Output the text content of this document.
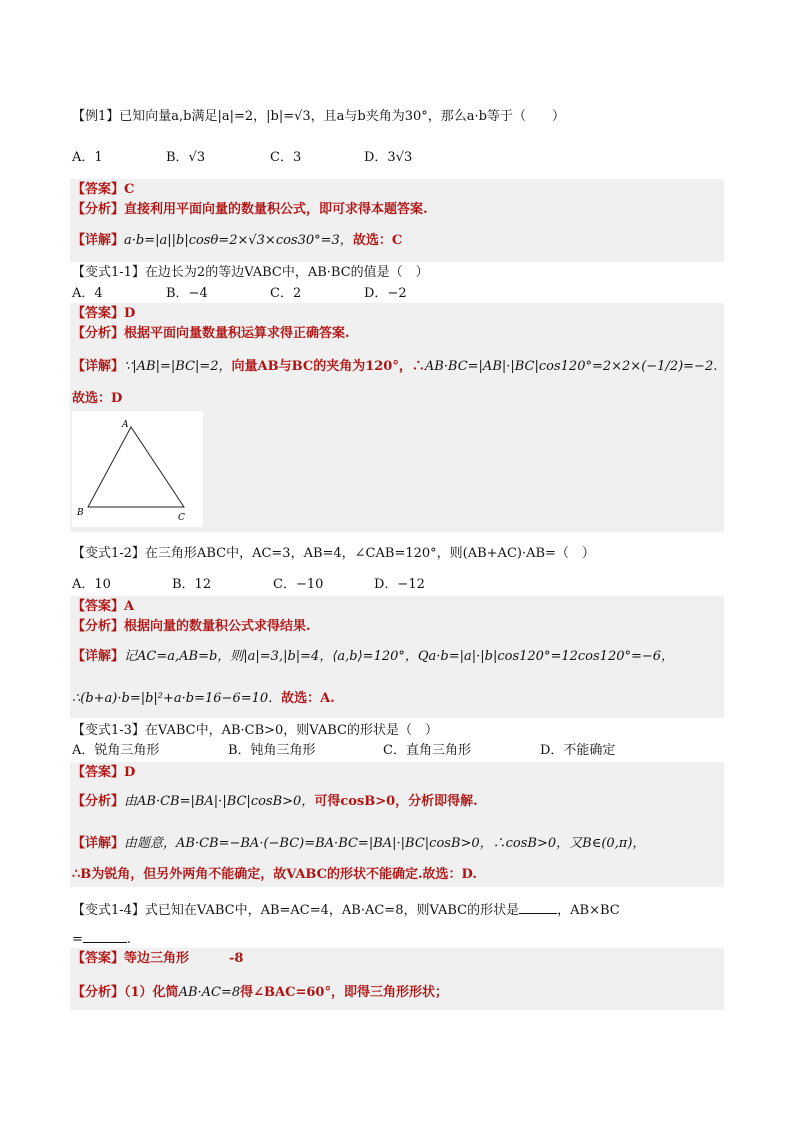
【例1】已知向量a,b满足|a|=2，|b|=√3，且a与b夹角为30°，那么a·b等于（　　）
A．1	B．√3	C．3	D．3√3
【答案】C
【分析】直接利用平面向量的数量积公式，即可求得本题答案.
【详解】a·b=|a||b|cosθ=2×√3×cos30°=3，故选：C
【变式1-1】在边长为2的等边VABC中，AB·BC的值是（　）
A．4	B．−4	C．2	D．−2
【答案】D
【分析】根据平面向量数量积运算求得正确答案.
【详解】∵|AB|=|BC|=2，向量AB与BC的夹角为120°，∴AB·BC=|AB|·|BC|cos120°=2×2×(−1/2)=−2.
故选：D
A
B	C
【变式1-2】在三角形ABC中，AC=3，AB=4，∠CAB=120°，则(AB+AC)·AB=（　）
A．10	B．12	C．−10	D．−12
【答案】A
【分析】根据向量的数量积公式求得结果.
【详解】记AC=a,AB=b，则|a|=3,|b|=4，⟨a,b⟩=120°，Qa·b=|a|·|b|cos120°=12cos120°=−6，
∴(b+a)·b=|b|²+a·b=16−6=10．故选：A.
【变式1-3】在VABC中，AB·CB>0，则VABC的形状是（　）
A．锐角三角形	B．钝角三角形	C．直角三角形	D．不能确定
【答案】D
【分析】由AB·CB=|BA|·|BC|cosB>0，可得cosB>0，分析即得解.
【详解】由题意，AB·CB=−BA·(−BC)=BA·BC=|BA|·|BC|cosB>0，∴cosB>0，又B∈(0,π)，
∴B为锐角，但另外两角不能确定，故VABC的形状不能确定.故选：D.
【变式1-4】式已知在VABC中，AB=AC=4，AB·AC=8，则VABC的形状是	，AB×BC
=	.
【答案】等边三角形	-8
【分析】（1）化简AB·AC=8得∠BAC=60°，即得三角形形状；
